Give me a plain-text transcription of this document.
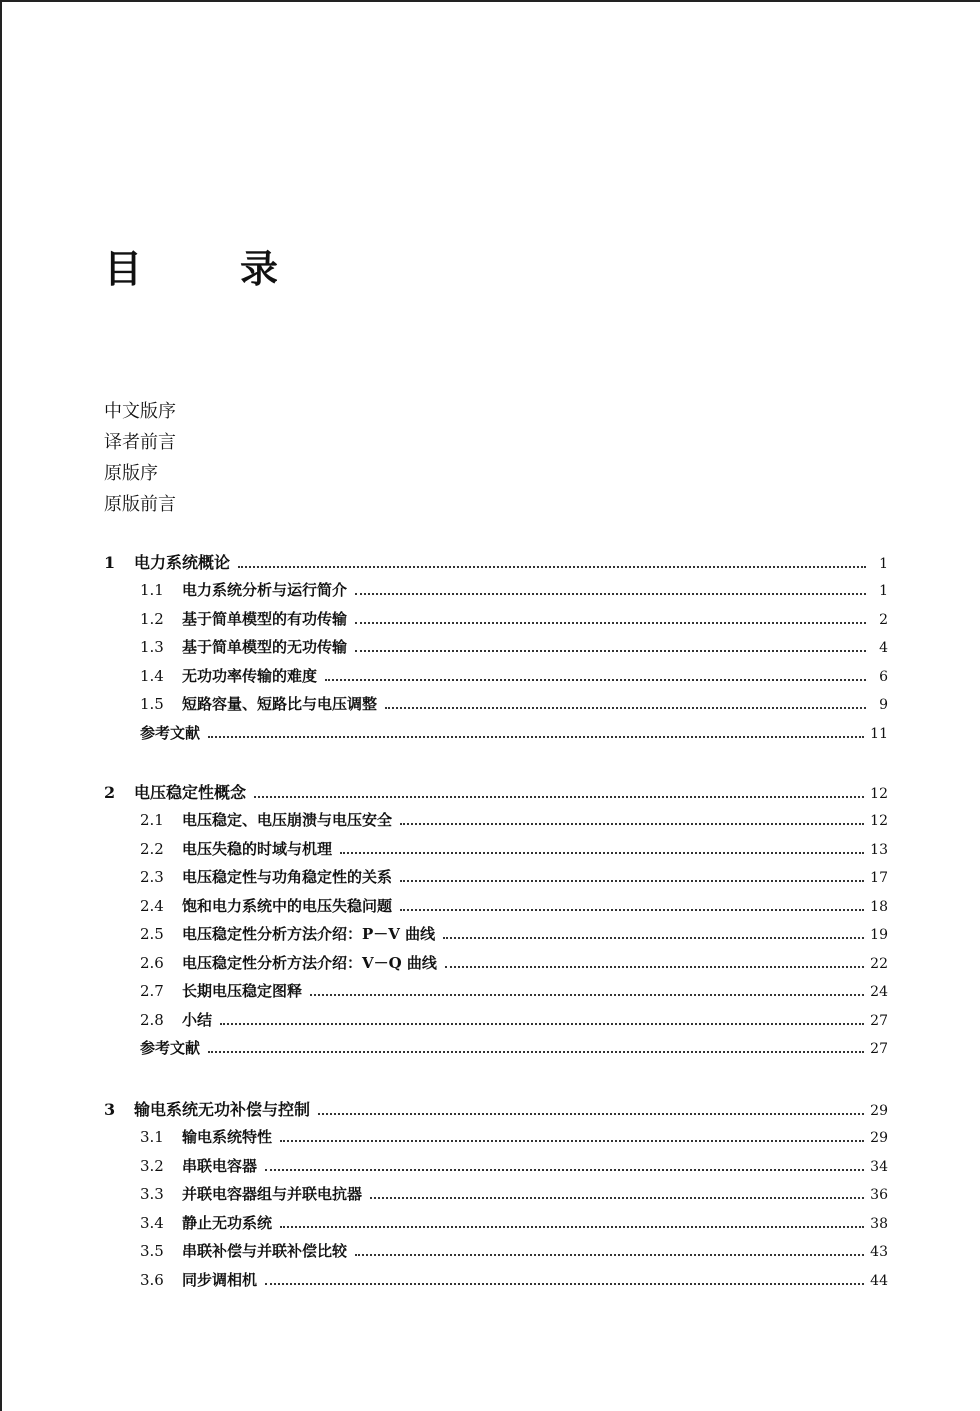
目　录
中文版序
译者前言
原版序
原版前言
1	电力系统概论	1
1.1	电力系统分析与运行简介	1
1.2	基于简单模型的有功传输	2
1.3	基于简单模型的无功传输	4
1.4	无功功率传输的难度	6
1.5	短路容量、短路比与电压调整	9
参考文献	11
2	电压稳定性概念	12
2.1	电压稳定、电压崩溃与电压安全	12
2.2	电压失稳的时域与机理	13
2.3	电压稳定性与功角稳定性的关系	17
2.4	饱和电力系统中的电压失稳问题	18
2.5	电压稳定性分析方法介绍：P－V 曲线	19
2.6	电压稳定性分析方法介绍：V－Q 曲线	22
2.7	长期电压稳定图释	24
2.8	小结	27
参考文献	27
3	输电系统无功补偿与控制	29
3.1	输电系统特性	29
3.2	串联电容器	34
3.3	并联电容器组与并联电抗器	36
3.4	静止无功系统	38
3.5	串联补偿与并联补偿比较	43
3.6	同步调相机	44
